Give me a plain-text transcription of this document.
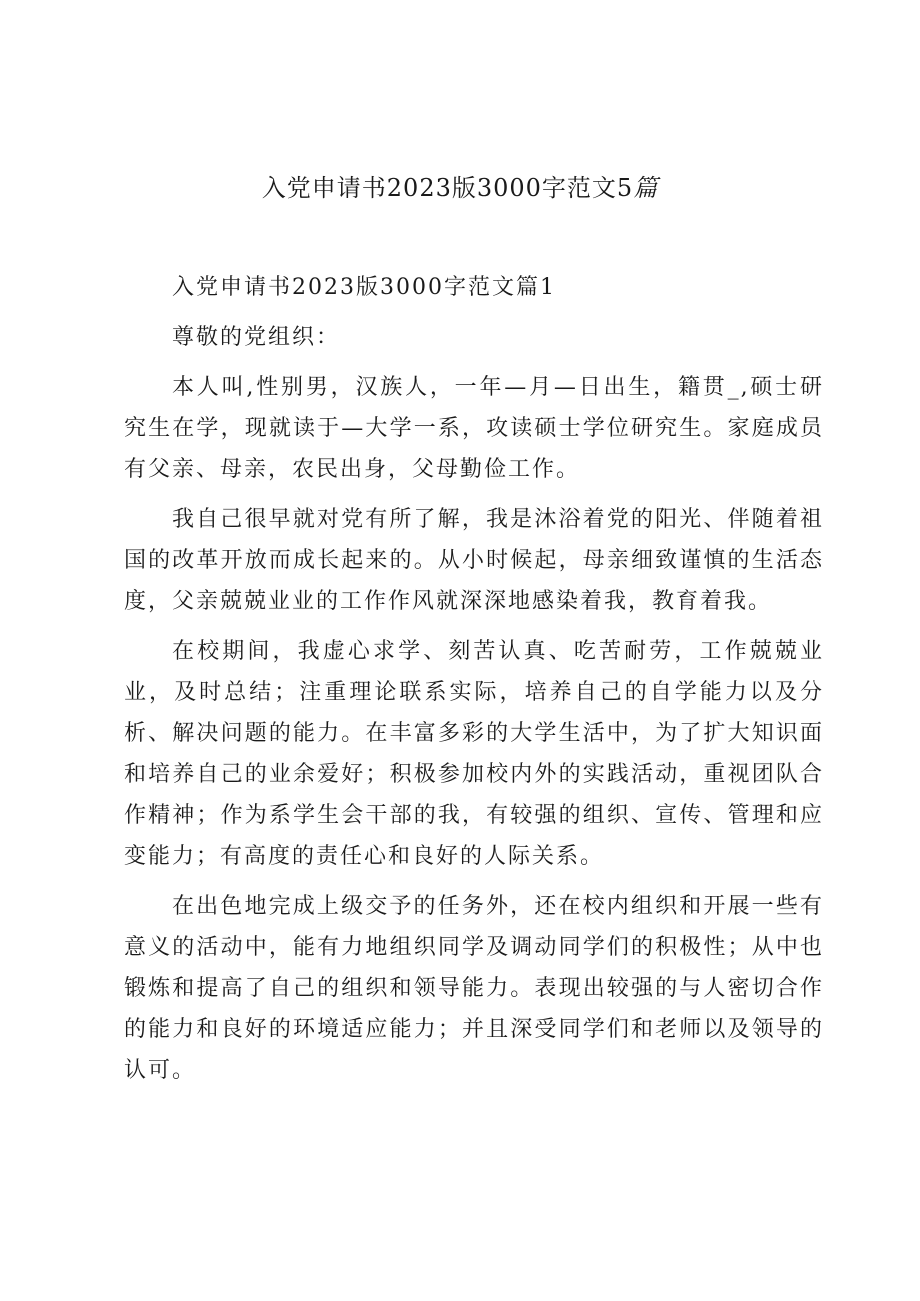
入党申请书2023版3000字范文5篇

入党申请书2023版3000字范文篇1

尊敬的党组织：

本人叫,性别男，汉族人，一年—月—日出生，籍贯_,硕士研究生在学，现就读于—大学一系，攻读硕士学位研究生。家庭成员有父亲、母亲，农民出身，父母勤俭工作。

我自己很早就对党有所了解，我是沐浴着党的阳光、伴随着祖国的改革开放而成长起来的。从小时候起，母亲细致谨慎的生活态度，父亲兢兢业业的工作作风就深深地感染着我，教育着我。

在校期间，我虚心求学、刻苦认真、吃苦耐劳，工作兢兢业业，及时总结；注重理论联系实际，培养自己的自学能力以及分析、解决问题的能力。在丰富多彩的大学生活中，为了扩大知识面和培养自己的业余爱好；积极参加校内外的实践活动，重视团队合作精神；作为系学生会干部的我，有较强的组织、宣传、管理和应变能力；有高度的责任心和良好的人际关系。

在出色地完成上级交予的任务外，还在校内组织和开展一些有意义的活动中，能有力地组织同学及调动同学们的积极性；从中也锻炼和提高了自己的组织和领导能力。表现出较强的与人密切合作的能力和良好的环境适应能力；并且深受同学们和老师以及领导的认可。
